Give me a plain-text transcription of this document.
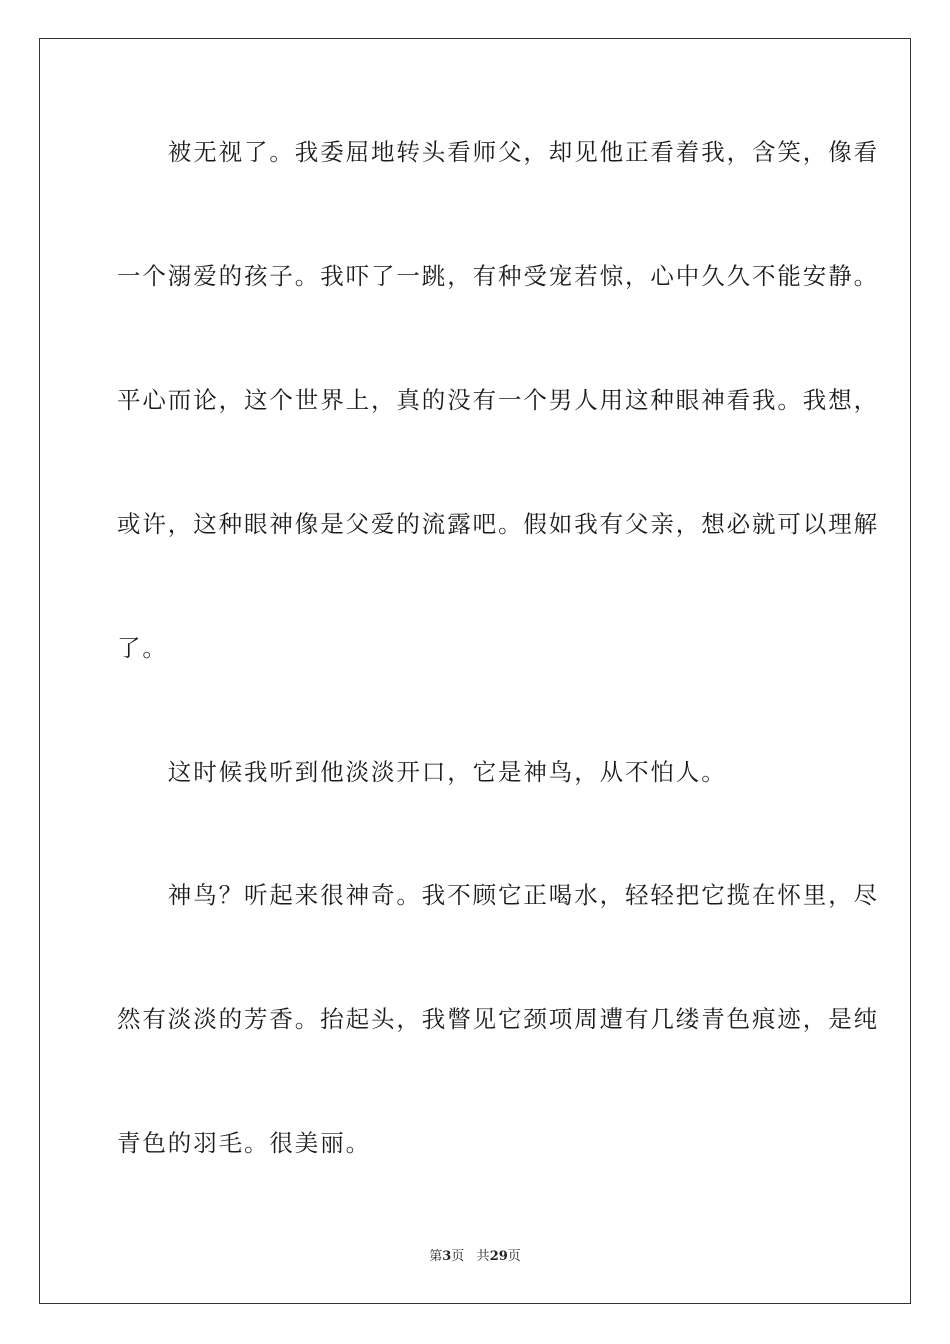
　　被无视了。我委屈地转头看师父，却见他正看着我，含笑，像看

一个溺爱的孩子。我吓了一跳，有种受宠若惊，心中久久不能安静。

平心而论，这个世界上，真的没有一个男人用这种眼神看我。我想，

或许，这种眼神像是父爱的流露吧。假如我有父亲，想必就可以理解

了。

　　这时候我听到他淡淡开口，它是神鸟，从不怕人。

　　神鸟？听起来很神奇。我不顾它正喝水，轻轻把它揽在怀里，尽

然有淡淡的芳香。抬起头，我瞥见它颈项周遭有几缕青色痕迹，是纯

青色的羽毛。很美丽。

第3页   共29页
